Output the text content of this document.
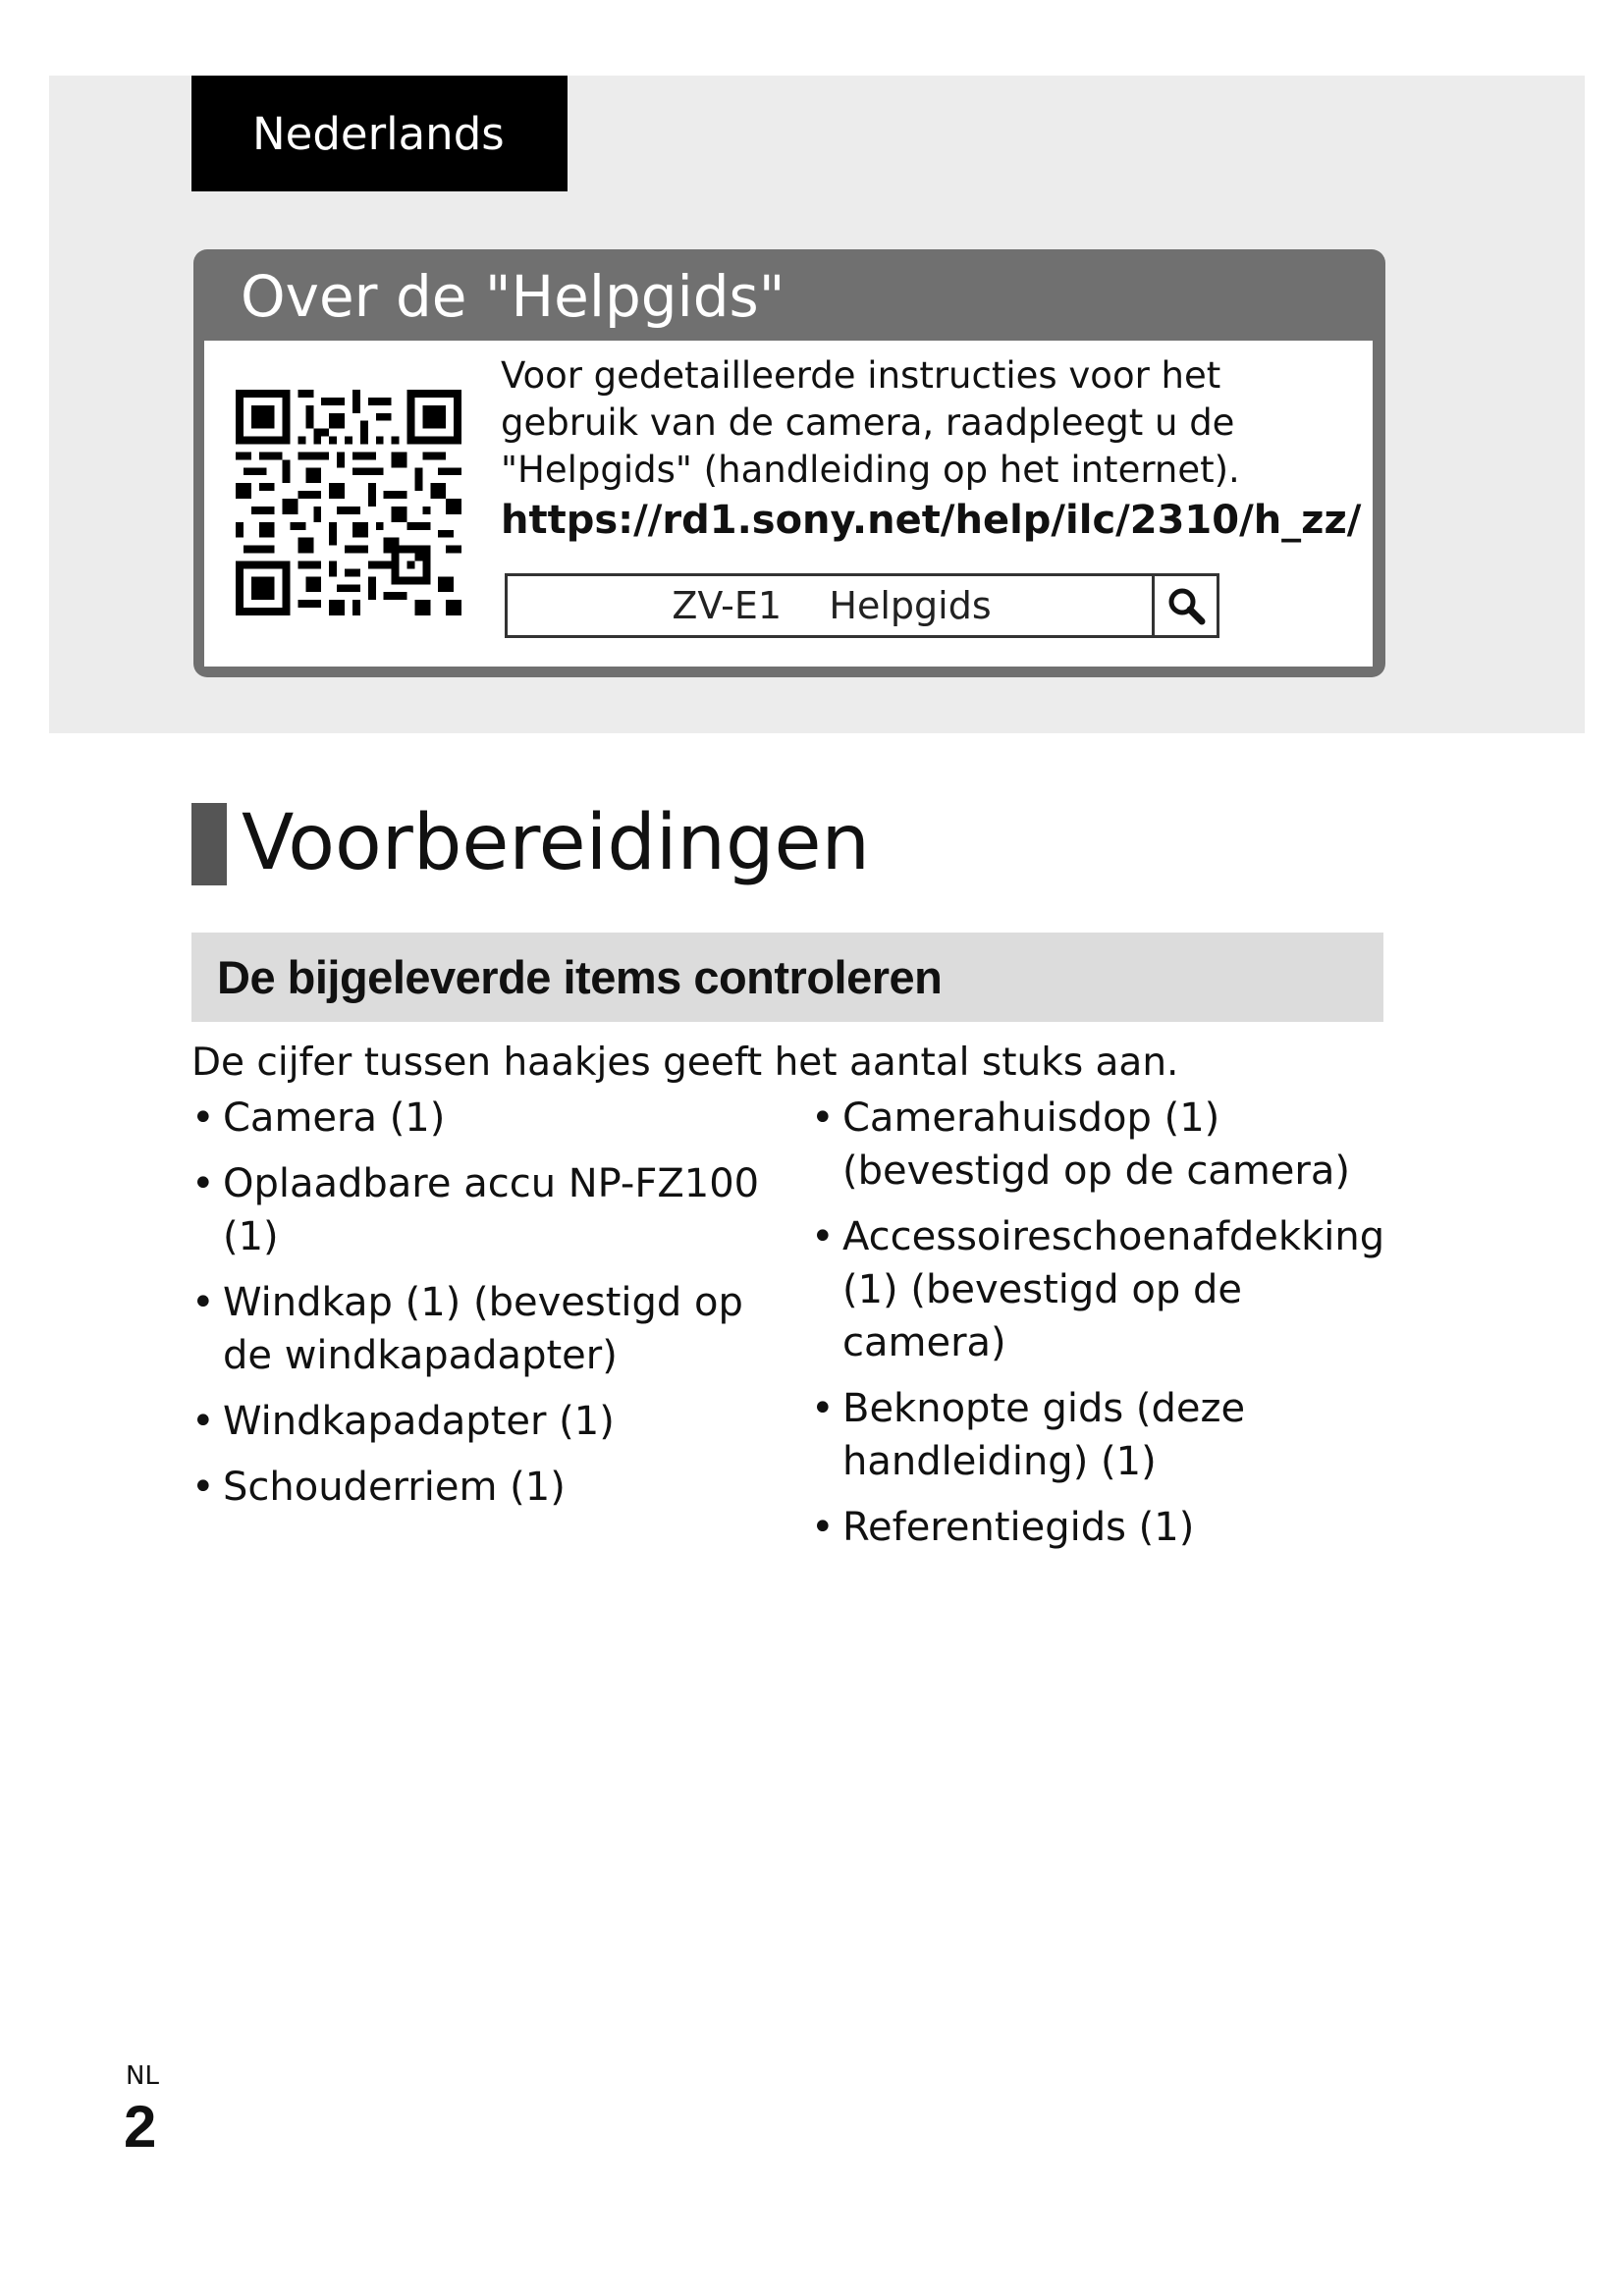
Nederlands
Over de "Helpgids"
Voor gedetailleerde instructies voor het gebruik van de camera, raadpleegt u de "Helpgids" (handleiding op het internet).
https://rd1.sony.net/help/ilc/2310/h_zz/
ZV-E1    Helpgids
Voorbereidingen
De bijgeleverde items controleren
De cijfer tussen haakjes geeft het aantal stuks aan.
• Camera (1)
• Oplaadbare accu NP-FZ100 (1)
• Windkap (1) (bevestigd op de windkapadapter)
• Windkapadapter (1)
• Schouderriem (1)
• Camerahuisdop (1) (bevestigd op de camera)
• Accessoireschoenafdekking (1) (bevestigd op de camera)
• Beknopte gids (deze handleiding) (1)
• Referentiegids (1)
NL
2
